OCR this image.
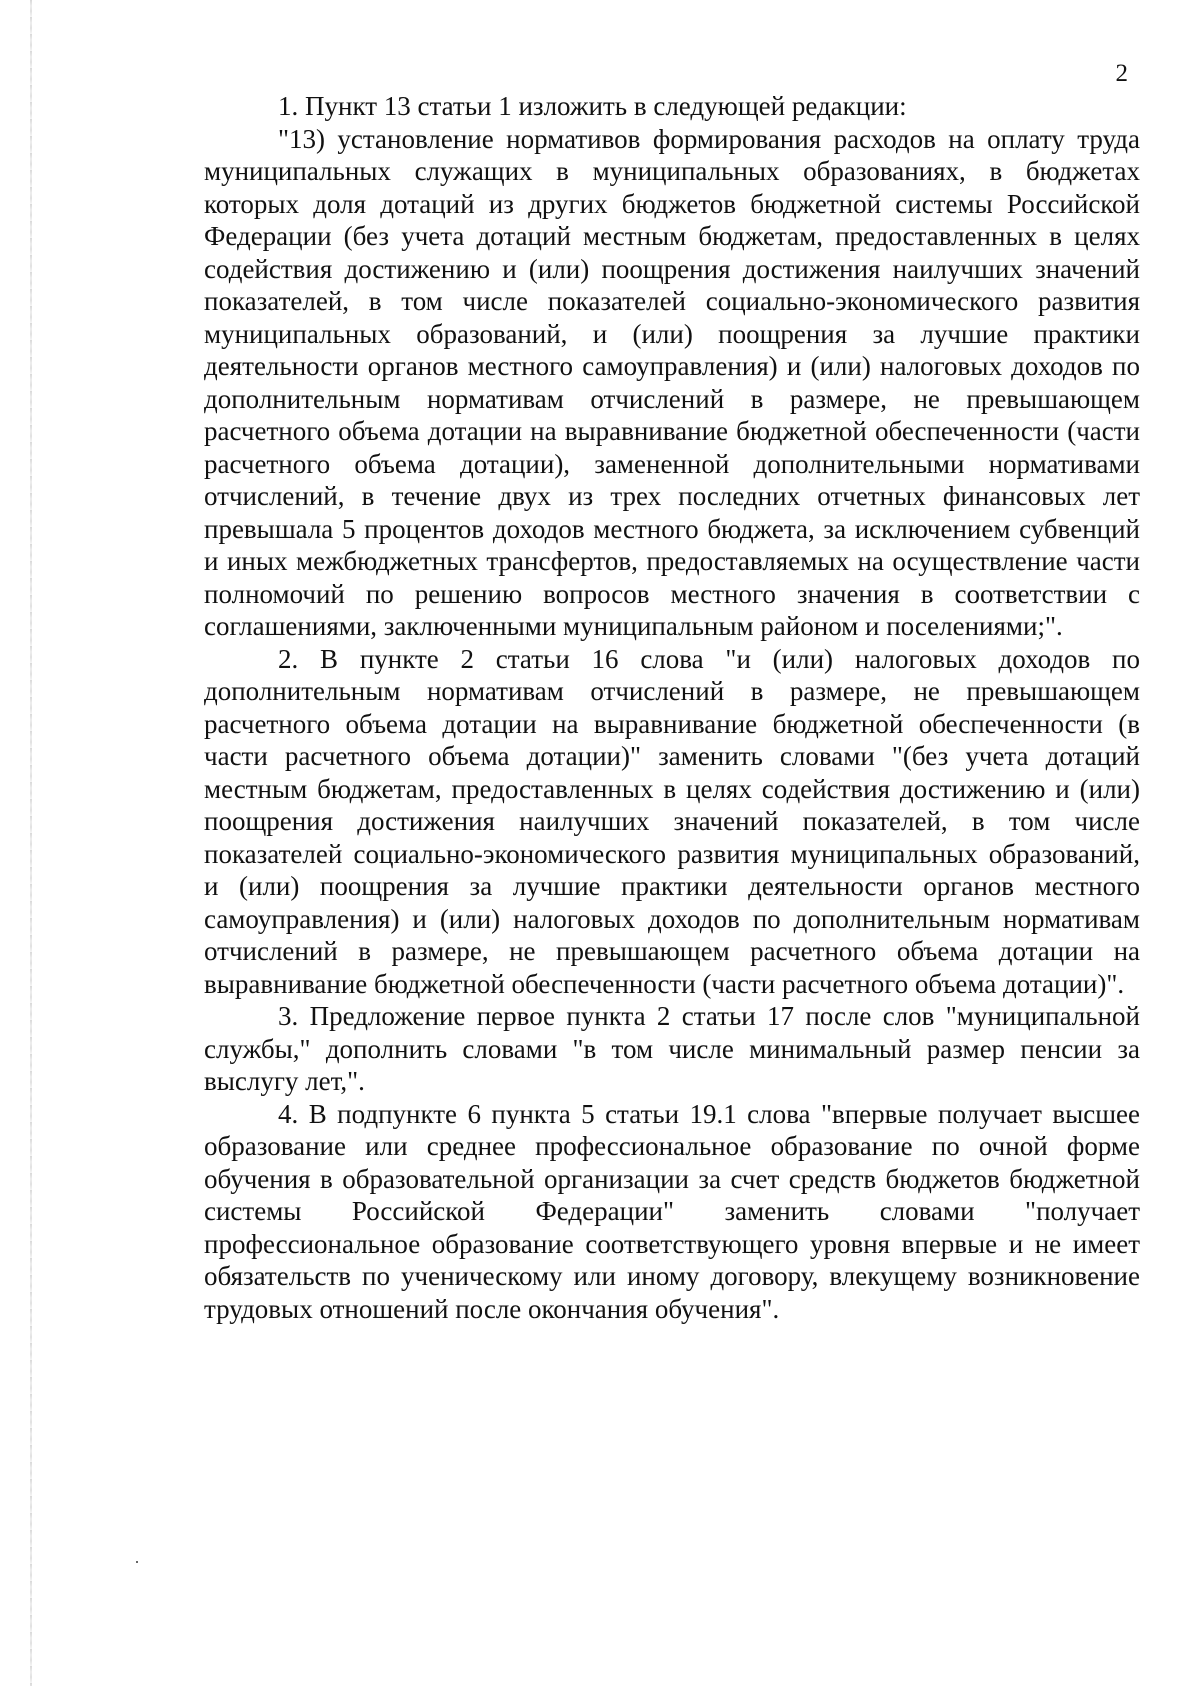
2

1. Пункт 13 статьи 1 изложить в следующей редакции:

"13) установление нормативов формирования расходов на оплату труда муниципальных служащих в муниципальных образованиях, в бюджетах которых доля дотаций из других бюджетов бюджетной системы Российской Федерации (без учета дотаций местным бюджетам, предоставленных в целях содействия достижению и (или) поощрения достижения наилучших значений показателей, в том числе показателей социально-экономического развития муниципальных образований, и (или) поощрения за лучшие практики деятельности органов местного самоуправления) и (или) налоговых доходов по дополнительным нормативам отчислений в размере, не превышающем расчетного объема дотации на выравнивание бюджетной обеспеченности (части расчетного объема дотации), замененной дополнительными нормативами отчислений, в течение двух из трех последних отчетных финансовых лет превышала 5 процентов доходов местного бюджета, за исключением субвенций и иных межбюджетных трансфертов, предоставляемых на осуществление части полномочий по решению вопросов местного значения в соответствии с соглашениями, заключенными муниципальным районом и поселениями;".

2. В пункте 2 статьи 16 слова "и (или) налоговых доходов по дополнительным нормативам отчислений в размере, не превышающем расчетного объема дотации на выравнивание бюджетной обеспеченности (в части расчетного объема дотации)" заменить словами "(без учета дотаций местным бюджетам, предоставленных в целях содействия достижению и (или) поощрения достижения наилучших значений показателей, в том числе показателей социально-экономического развития муниципальных образований, и (или) поощрения за лучшие практики деятельности органов местного самоуправления) и (или) налоговых доходов по дополнительным нормативам отчислений в размере, не превышающем расчетного объема дотации на выравнивание бюджетной обеспеченности (части расчетного объема дотации)".

3. Предложение первое пункта 2 статьи 17 после слов "муниципальной службы," дополнить словами "в том числе минимальный размер пенсии за выслугу лет,".

4. В подпункте 6 пункта 5 статьи 19.1 слова "впервые получает высшее образование или среднее профессиональное образование по очной форме обучения в образовательной организации за счет средств бюджетов бюджетной системы Российской Федерации" заменить словами "получает профессиональное образование соответствующего уровня впервые и не имеет обязательств по ученическому или иному договору, влекущему возникновение трудовых отношений после окончания обучения".
